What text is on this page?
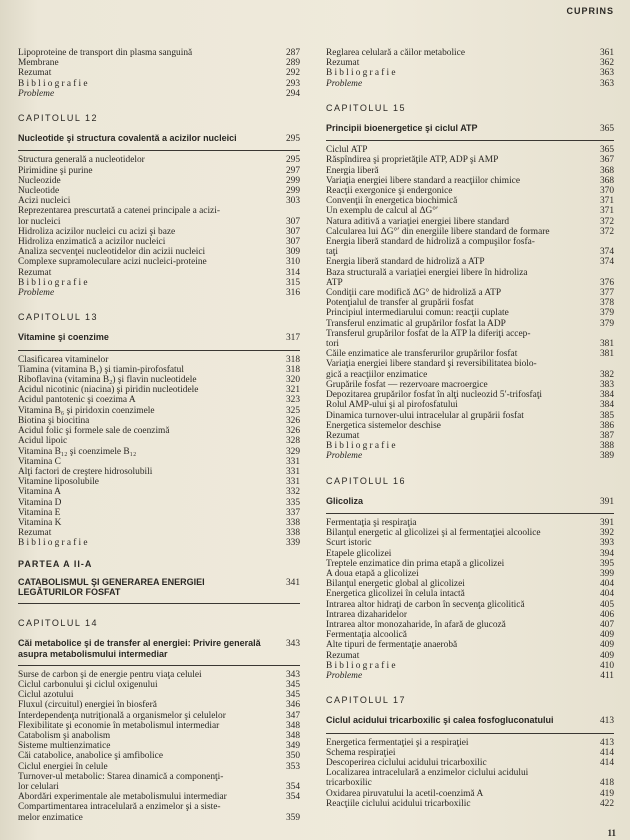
CUPRINS
Lipoproteine de transport din plasma sanguină	287
Membrane	289
Rezumat	292
Bibliografie	293
Probleme	294
CAPITOLUL 12
Nucleotide şi structura covalentă a acizilor nucleici	295
Structura generală a nucleotidelor	295
Pirimidine şi purine	297
Nucleozide	299
Nucleotide	299
Acizi nucleici	303
Reprezentarea prescurtată a catenei principale a acizi-
lor nucleici	307
Hidroliza acizilor nucleici cu acizi şi baze	307
Hidroliza enzimatică a acizilor nucleici	307
Analiza secvenţei nucleotidelor din acizii nucleici	309
Complexe supramoleculare acizi nucleici-proteine	310
Rezumat	314
Bibliografie	315
Probleme	316
CAPITOLUL 13
Vitamine şi coenzime	317
Clasificarea vitaminelor	318
Tiamina (vitamina B₁) şi tiamin-pirofosfatul	318
Riboflavina (vitamina B₂) şi flavin nucleotidele	320
Acidul nicotinic (niacina) şi piridin nucleotidele	321
Acidul pantotenic şi coezima A	323
Vitamina B₆ şi piridoxin coenzimele	325
Biotina şi biocitina	326
Acidul folic şi formele sale de coenzimă	326
Acidul lipoic	328
Vitamina B₁₂ şi coenzimele B₁₂	329
Vitamina C	331
Alţi factori de creştere hidrosolubili	331
Vitamine liposolubile	331
Vitamina A	332
Vitamina D	335
Vitamina E	337
Vitamina K	338
Rezumat	338
Bibliografie	339
PARTEA A II-A
CATABOLISMUL ŞI GENERAREA ENERGIEI LEGĂTURILOR FOSFAT
341
CAPITOLUL 14
Căi metabolice şi de transfer al energiei: Privire generală asupra metabolismului intermediar
343
Surse de carbon şi de energie pentru viaţa celulei	343
Ciclul carbonului şi ciclul oxigenului	345
Ciclul azotului	345
Fluxul (circuitul) energiei în biosferă	346
Interdependenţa nutriţională a organismelor şi celulelor	347
Flexibilitate şi economie în metabolismul intermediar	348
Catabolism şi anabolism	348
Sisteme multienzimatice	349
Căi catabolice, anabolice şi amfibolice	350
Ciclul energiei în celule	353
Turnover-ul metabolic: Starea dinamică a componenţi-
lor celulari	354
Abordări experimentale ale metabolismului intermediar	354
Compartimentarea intracelulară a enzimelor şi a siste-
melor enzimatice	359
Reglarea celulară a căilor metabolice	361
Rezumat	362
Bibliografie	363
Probleme	363
CAPITOLUL 15
Principii bioenergetice şi ciclul ATP	365
Ciclul ATP	365
Răspîndirea şi proprietăţile ATP, ADP şi AMP	367
Energia liberă	368
Variaţia energiei libere standard a reacţiilor chimice	368
Reacţii exergonice şi endergonice	370
Convenţii în energetica biochimică	371
Un exemplu de calcul al ΔG°′	371
Natura aditivă a variaţiei energiei libere standard	372
Calcularea lui ΔG°′ din energiile libere standard de formare	372
Energia liberă standard de hidroliză a compuşilor fosfa-
taţi	374
Energia liberă standard de hidroliză a ATP	374
Baza structurală a variaţiei energiei libere în hidroliza
ATP	376
Condiţii care modifică ΔG° de hidroliză a ATP	377
Potenţialul de transfer al grupării fosfat	378
Principiul intermediarului comun: reacţii cuplate	379
Transferul enzimatic al grupărilor fosfat la ADP	379
Transferul grupărilor fosfat de la ATP la diferiţi accep-
tori	381
Căile enzimatice ale transferurilor grupărilor fosfat	381
Variaţia energiei libere standard şi reversibilitatea biolo-
gică a reacţiilor enzimatice	382
Grupările fosfat — rezervoare macroergice	383
Depozitarea grupărilor fosfat în alţi nucleozid 5′-trifosfaţi	384
Rolul AMP-ului şi al pirofosfatului	384
Dinamica turnover-ului intracelular al grupării fosfat	385
Energetica sistemelor deschise	386
Rezumat	387
Bibliografie	388
Probleme	389
CAPITOLUL 16
Glicoliza	391
Fermentaţia şi respiraţia	391
Bilanţul energetic al glicolizei şi al fermentaţiei alcoolice	392
Scurt istoric	393
Etapele glicolizei	394
Treptele enzimatice din prima etapă a glicolizei	395
A doua etapă a glicolizei	399
Bilanţul energetic global al glicolizei	404
Energetica glicolizei în celula intactă	404
Intrarea altor hidraţi de carbon în secvenţa glicolitică	405
Intrarea dizaharidelor	406
Intrarea altor monozaharide, în afară de glucoză	407
Fermentaţia alcoolică	409
Alte tipuri de fermentaţie anaerobă	409
Rezumat	409
Bibliografie	410
Probleme	411
CAPITOLUL 17
Ciclul acidului tricarboxilic şi calea fosfogluconatului	413
Energetica fermentaţiei şi a respiraţiei	413
Schema respiraţiei	414
Descoperirea ciclului acidului tricarboxilic	414
Localizarea intracelulară a enzimelor ciclului acidului
tricarboxilic	418
Oxidarea piruvatului la acetil-coenzimă A	419
Reacţiile ciclului acidului tricarboxilic	422
11
